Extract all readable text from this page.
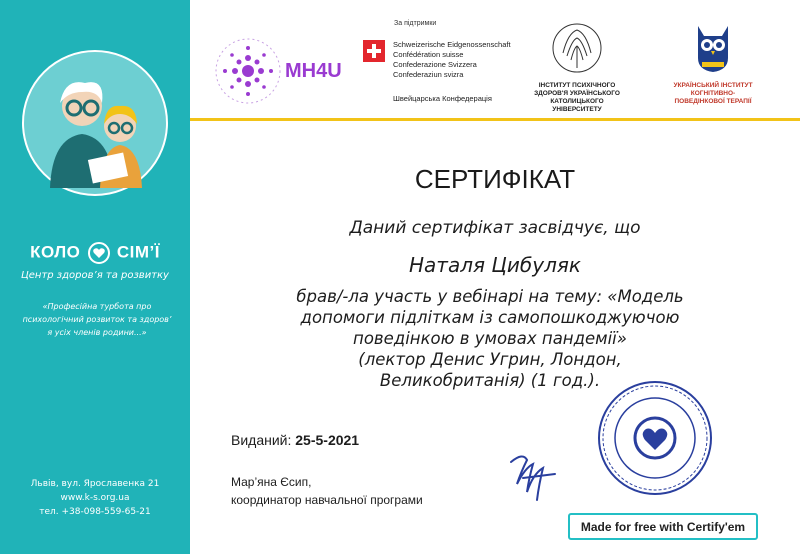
КОЛО СІМ’Ї
Центр здоров’я та розвитку
«Професійна турбота про
психологічний розвиток та здоров’
я усіх членів родини...»
Львів, вул. Ярославенка 21
www.k-s.org.ua
тел. +38-098-559-65-21
MH4U
За підтримки
Schweizerische Eidgenossenschaft
Confédération suisse
Confederazione Svizzera
Confederaziun svizra
Швейцарська Конфедерація
ІНСТИТУТ ПСИХІЧНОГО
ЗДОРОВ'Я УКРАЇНСЬКОГО
КАТОЛИЦЬКОГО
УНІВЕРСИТЕТУ
УКРАЇНСЬКИЙ ІНСТИТУТ
КОГНІТИВНО-
ПОВЕДІНКОВОЇ ТЕРАПІЇ
СЕРТИФІКАТ
Даний сертифікат засвідчує, що
Наталя Цибуляк
брав/-ла участь у вебінарі на тему: «Модель
допомоги підліткам із самопошкоджуючою
поведінкою в умовах пандемії»
(лектор Денис Угрин, Лондон,
Великобританія) (1 год.).
Виданий: 25-5-2021
Мар’яна Єсип,
координатор навчальної програми
Made for free with Certify'em
